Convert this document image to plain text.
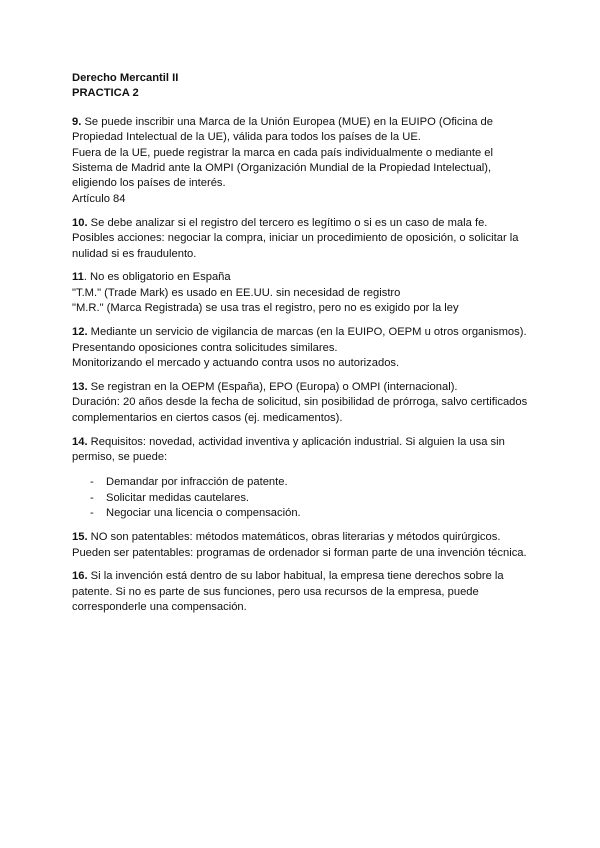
Derecho Mercantil II

PRACTICA 2

9. Se puede inscribir una Marca de la Unión Europea (MUE) en la EUIPO (Oficina de
Propiedad Intelectual de la UE), válida para todos los países de la UE.
Fuera de la UE, puede registrar la marca en cada país individualmente o mediante el
Sistema de Madrid ante la OMPI (Organización Mundial de la Propiedad Intelectual),
eligiendo los países de interés.
Artículo 84
10. Se debe analizar si el registro del tercero es legítimo o si es un caso de mala fe.
Posibles acciones: negociar la compra, iniciar un procedimiento de oposición, o solicitar la
nulidad si es fraudulento.
11. No es obligatorio en España
"T.M." (Trade Mark) es usado en EE.UU. sin necesidad de registro
"M.R." (Marca Registrada) se usa tras el registro, pero no es exigido por la ley
12. Mediante un servicio de vigilancia de marcas (en la EUIPO, OEPM u otros organismos).
Presentando oposiciones contra solicitudes similares.
Monitorizando el mercado y actuando contra usos no autorizados.
13. Se registran en la OEPM (España), EPO (Europa) o OMPI (internacional).
Duración: 20 años desde la fecha de solicitud, sin posibilidad de prórroga, salvo certificados
complementarios en ciertos casos (ej. medicamentos).
14. Requisitos: novedad, actividad inventiva y aplicación industrial. Si alguien la usa sin
permiso, se puede:
- Demandar por infracción de patente.
- Solicitar medidas cautelares.
- Negociar una licencia o compensación.
15. NO son patentables: métodos matemáticos, obras literarias y métodos quirúrgicos.
Pueden ser patentables: programas de ordenador si forman parte de una invención técnica.
16. Si la invención está dentro de su labor habitual, la empresa tiene derechos sobre la
patente. Si no es parte de sus funciones, pero usa recursos de la empresa, puede
corresponderle una compensación.
